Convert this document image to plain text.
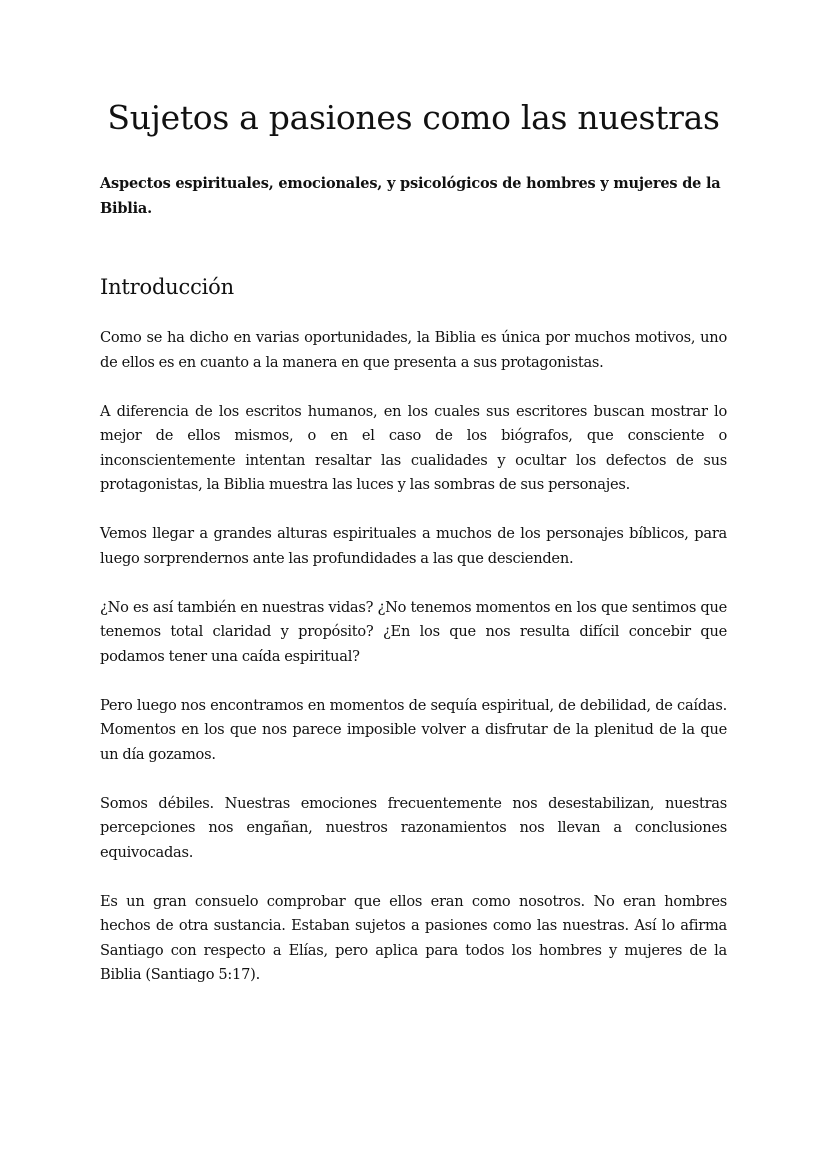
Sujetos a pasiones como las nuestras

Aspectos espirituales, emocionales, y psicológicos de hombres y mujeres de la Biblia.

Introducción

Como se ha dicho en varias oportunidades, la Biblia es única por muchos motivos, uno de ellos es en cuanto a la manera en que presenta a sus protagonistas.

A diferencia de los escritos humanos, en los cuales sus escritores buscan mostrar lo mejor de ellos mismos, o en el caso de los biógrafos, que consciente o inconscientemente intentan resaltar las cualidades y ocultar los defectos de sus protagonistas, la Biblia muestra las luces y las sombras de sus personajes.

Vemos llegar a grandes alturas espirituales a muchos de los personajes bíblicos, para luego sorprendernos ante las profundidades a las que descienden.

¿No es así también en nuestras vidas? ¿No tenemos momentos en los que sentimos que tenemos total claridad y propósito? ¿En los que nos resulta difícil concebir que podamos tener una caída espiritual?

Pero luego nos encontramos en momentos de sequía espiritual, de debilidad, de caídas. Momentos en los que nos parece imposible volver a disfrutar de la plenitud de la que un día gozamos.

Somos débiles. Nuestras emociones frecuentemente nos desestabilizan, nuestras percepciones nos engañan, nuestros razonamientos nos llevan a conclusiones equivocadas.

Es un gran consuelo comprobar que ellos eran como nosotros. No eran hombres hechos de otra sustancia. Estaban sujetos a pasiones como las nuestras. Así lo afirma Santiago con respecto a Elías, pero aplica para todos los hombres y mujeres de la Biblia (Santiago 5:17).
